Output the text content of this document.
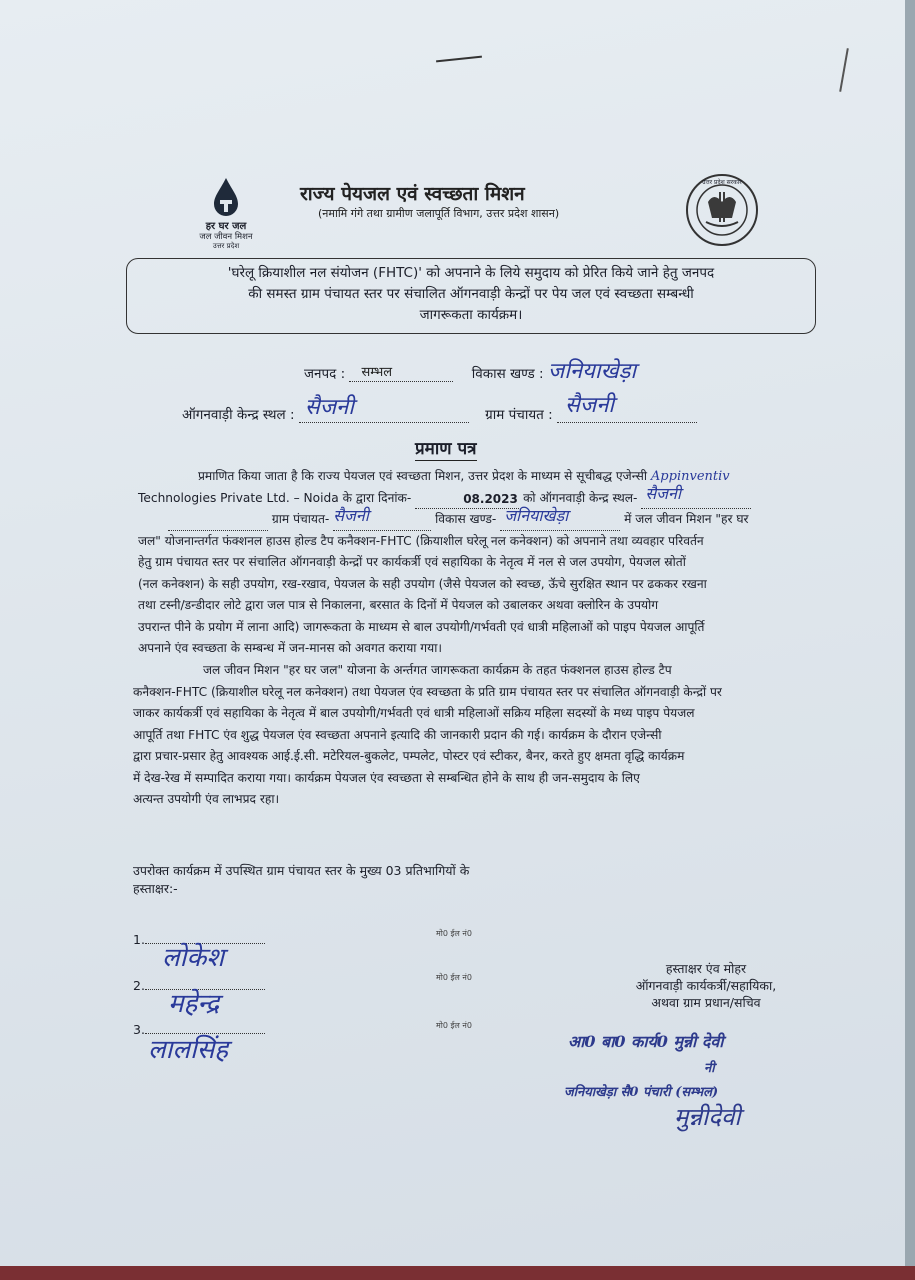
हर घर जल
जल जीवन मिशन
उत्तर प्रदेश
राज्य पेयजल एवं स्वच्छता मिशन
(नमामि गंगे तथा ग्रामीण जलापूर्ति विभाग, उत्तर प्रदेश शासन)
उत्तर प्रदेश सरकार
'घरेलू क्रियाशील नल संयोजन (FHTC)' को अपनाने के लिये समुदाय को प्रेरित किये जाने हेतु जनपद
की समस्त ग्राम पंचायत स्तर पर संचालित ऑगनवाड़ी केन्द्रों पर पेय जल एवं स्वच्छता सम्बन्धी
जागरूकता कार्यक्रम।
जनपद : सम्भल	विकास खण्ड : जनियाखेड़ा
ऑगनवाड़ी केन्द्र स्थल : सैजनी	ग्राम पंचायत : सैजनी
प्रमाण पत्र
प्रमाणित किया जाता है कि राज्य पेयजल एवं स्वच्छता मिशन, उत्तर प्रेदश के माध्यम से सूचीबद्ध एजेन्सी Appinventiv
Technologies Private Ltd. – Noida के द्वारा दिनांक-	08.2023 को ऑगनवाड़ी केन्द्र स्थल- सैजनी
ग्राम पंचायत- सैजनी	विकास खण्ड- जनियाखेड़ा	में जल जीवन मिशन "हर घर
जल" योजनान्तर्गत फंक्शनल हाउस होल्ड टैप कनैक्शन-FHTC (क्रियाशील घरेलू नल कनेक्शन) को अपनाने तथा व्यवहार परिवर्तन
हेतु ग्राम पंचायत स्तर पर संचालित ऑगनवाड़ी केन्द्रों पर कार्यकर्त्री एवं सहायिका के नेतृत्व में नल से जल उपयोग, पेयजल स्रोतों
(नल कनेक्शन) के सही उपयोग, रख-रखाव, पेयजल के सही उपयोग (जैसे पेयजल को स्वच्छ, ऊॅचे सुरक्षित स्थान पर ढककर रखना
तथा टस्नी/डन्डीदार लोटे द्वारा जल पात्र से निकालना, बरसात के दिनों में पेयजल को उबालकर अथवा क्लोरिन के उपयोग
उपरान्त पीने के प्रयोग में लाना आदि) जागरूकता के माध्यम से बाल उपयोगी/गर्भवती एवं धात्री महिलाओं को पाइप पेयजल आपूर्ति
अपनाने एंव स्वच्छता के सम्बन्ध में जन-मानस को अवगत कराया गया।
जल जीवन मिशन "हर घर जल" योजना के अर्न्तगत जागरूकता कार्यक्रम के तहत फंक्शनल हाउस होल्ड टैप
कनैक्शन-FHTC (क्रियाशील घरेलू नल कनेक्शन) तथा पेयजल एंव स्वच्छता के प्रति ग्राम पंचायत स्तर पर संचालित ऑगनवाड़ी केन्द्रों पर
जाकर कार्यकर्त्री एवं सहायिका के नेतृत्व में बाल उपयोगी/गर्भवती एवं धात्री महिलाओं सक्रिय महिला सदस्यों के मध्य पाइप पेयजल
आपूर्ति तथा FHTC एंव शुद्ध पेयजल एंव स्वच्छता अपनाने इत्यादि की जानकारी प्रदान की गई। कार्यक्रम के दौरान एजेन्सी
द्वारा प्रचार-प्रसार हेतु आवश्यक आई.ई.सी. मटेरियल-बुकलेट, पम्पलेट, पोस्टर एवं स्टीकर, बैनर, करते हुए क्षमता वृद्धि कार्यक्रम
में देख-रेख में सम्पादित कराया गया। कार्यक्रम पेयजल एंव स्वच्छता से सम्बन्धित होने के साथ ही जन-समुदाय के लिए
अत्यन्त उपयोगी एंव लाभप्रद रहा।
उपरोक्त कार्यक्रम में उपस्थित ग्राम पंचायत स्तर के मुख्य 03 प्रतिभागियों के
हस्ताक्षर:-
1.
लोकेश
मो0 ईल नं0
2.
महेन्द्र
मो0 ईल नं0
3.
लालसिंह
मो0 ईल नं0
हस्ताक्षर एंव मोहर
ऑगनवाड़ी कार्यकर्त्री/सहायिका,
अथवा ग्राम प्रधान/सचिव
आ0 बा0 कार्य0 मुन्नी देवी
नी
जनियाखेड़ा सै0 पंचारी (सम्भल)
मुन्नीदेवी
